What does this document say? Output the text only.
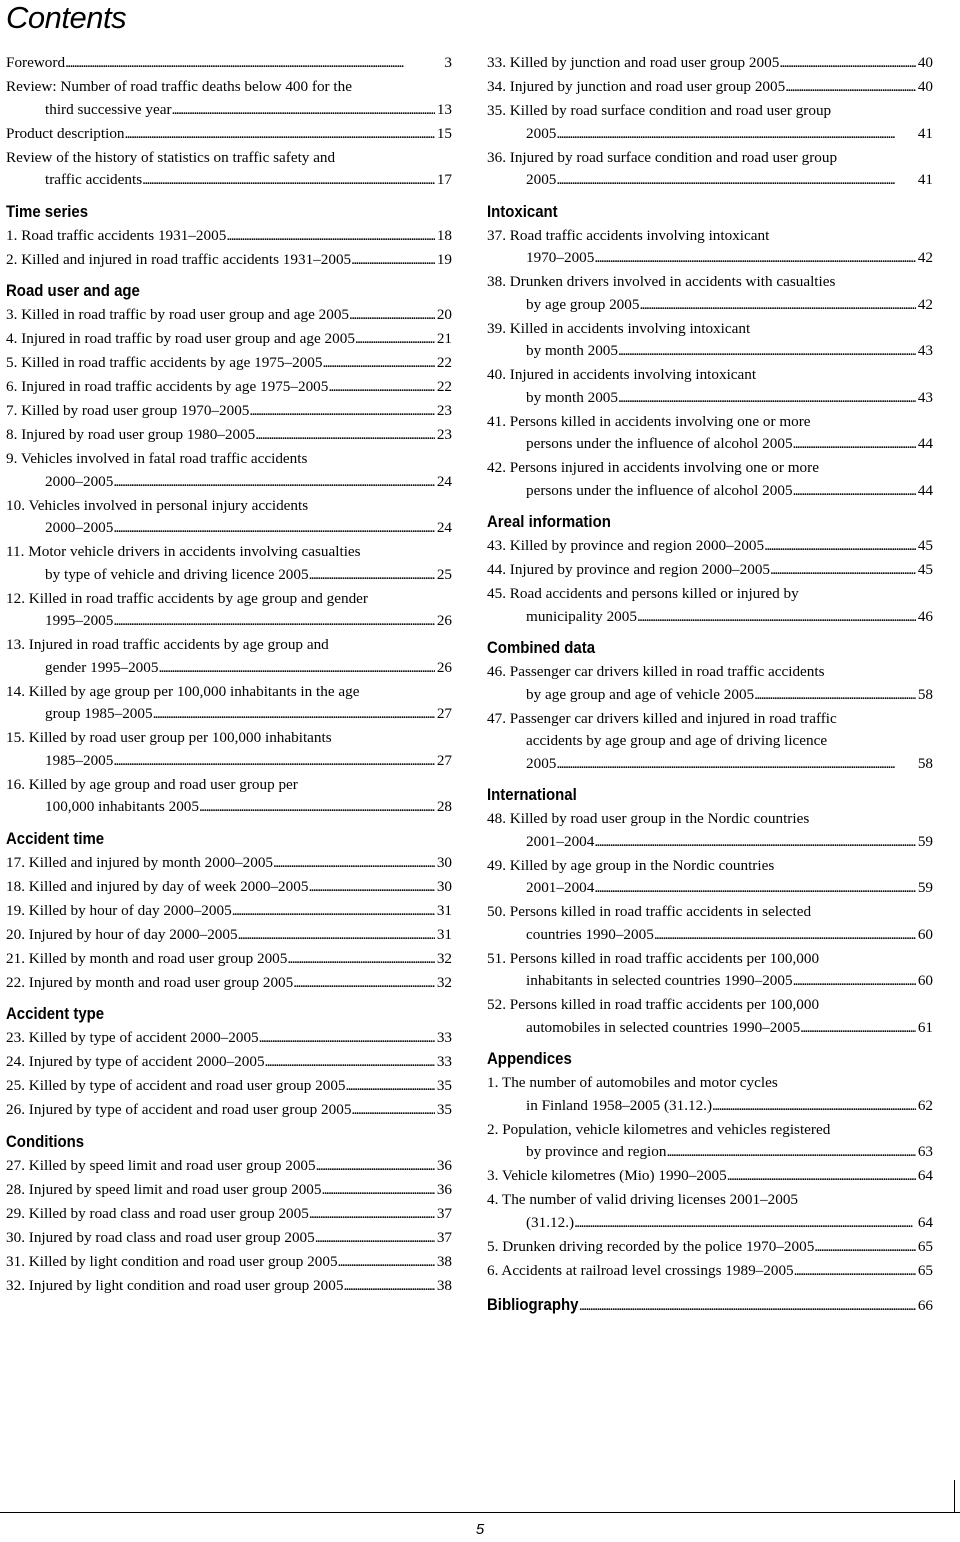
Contents
Foreword . . .	3
Review: Number of road traffic deaths below 400 for the
third successive year . . .	13
Product description . . .	15
Review of the history of statistics on traffic safety and
traffic accidents . . .	17
Time series
1. Road traffic accidents 1931–2005 . . .	18
2. Killed and injured in road traffic accidents 1931–2005 . . .	19
Road user and age
3. Killed in road traffic by road user group and age 2005 . . .	20
4. Injured in road traffic by road user group and age 2005 . . .	21
5. Killed in road traffic accidents by age 1975–2005 . . .	22
6. Injured in road traffic accidents by age 1975–2005 . . .	22
7. Killed by road user group 1970–2005 . . .	23
8. Injured by road user group 1980–2005 . . .	23
9. Vehicles involved in fatal road traffic accidents
2000–2005 . . .	24
10. Vehicles involved in personal injury accidents
2000–2005 . . .	24
11. Motor vehicle drivers in accidents involving casualties
by type of vehicle and driving licence 2005 . . .	25
12. Killed in road traffic accidents by age group and gender
1995–2005 . . .	26
13. Injured in road traffic accidents by age group and
gender 1995–2005 . . .	26
14. Killed by age group per 100,000 inhabitants in the age
group 1985–2005 . . .	27
15. Killed by road user group per 100,000 inhabitants
1985–2005 . . .	27
16. Killed by age group and road user group per
100,000 inhabitants 2005 . . .	28
Accident time
17. Killed and injured by month 2000–2005 . . .	30
18. Killed and injured by day of week 2000–2005 . . .	30
19. Killed by hour of day 2000–2005 . . .	31
20. Injured by hour of day 2000–2005 . . .	31
21. Killed by month and road user group 2005 . . .	32
22. Injured by month and road user group 2005 . . .	32
Accident type
23. Killed by type of accident 2000–2005 . . .	33
24. Injured by type of accident 2000–2005 . . .	33
25. Killed by type of accident and road user group 2005 . . .	35
26. Injured by type of accident and road user group 2005 . . .	35
Conditions
27. Killed by speed limit and road user group 2005 . . .	36
28. Injured by speed limit and road user group 2005 . . .	36
29. Killed by road class and road user group 2005 . . .	37
30. Injured by road class and road user group 2005 . . .	37
31. Killed by light condition and road user group 2005 . . .	38
32. Injured by light condition and road user group 2005 . . .	38
33. Killed by junction and road user group 2005 . . .	40
34. Injured by junction and road user group 2005 . . .	40
35. Killed by road surface condition and road user group
2005 . . .	41
36. Injured by road surface condition and road user group
2005 . . .	41
Intoxicant
37. Road traffic accidents involving intoxicant
1970–2005 . . .	42
38. Drunken drivers involved in accidents with casualties
by age group 2005 . . .	42
39. Killed in accidents involving intoxicant
by month 2005 . . .	43
40. Injured in accidents involving intoxicant
by month 2005 . . .	43
41. Persons killed in accidents involving one or more
persons under the influence of alcohol 2005 . . .	44
42. Persons injured in accidents involving one or more
persons under the influence of alcohol 2005 . . .	44
Areal information
43. Killed by province and region 2000–2005 . . .	45
44. Injured by province and region 2000–2005 . . .	45
45. Road accidents and persons killed or injured by
municipality 2005 . . .	46
Combined data
46. Passenger car drivers killed in road traffic accidents
by age group and age of vehicle 2005 . . .	58
47. Passenger car drivers killed and injured in road traffic
accidents by age group and age of driving licence
2005 . . .	58
International
48. Killed by road user group in the Nordic countries
2001–2004 . . .	59
49. Killed by age group in the Nordic countries
2001–2004 . . .	59
50. Persons killed in road traffic accidents in selected
countries 1990–2005 . . .	60
51. Persons killed in road traffic accidents per 100,000
inhabitants in selected countries 1990–2005 . . .	60
52. Persons killed in road traffic accidents per 100,000
automobiles in selected countries 1990–2005 . . .	61
Appendices
1. The number of automobiles and motor cycles
in Finland 1958–2005 (31.12.) . . .	62
2. Population, vehicle kilometres and vehicles registered
by province and region . . .	63
3. Vehicle kilometres (Mio) 1990–2005 . . .	64
4. The number of valid driving licenses 2001–2005
(31.12.) . . .	64
5. Drunken driving recorded by the police 1970–2005 . . .	65
6. Accidents at railroad level crossings 1989–2005 . . .	65
Bibliography . . .	66
5
